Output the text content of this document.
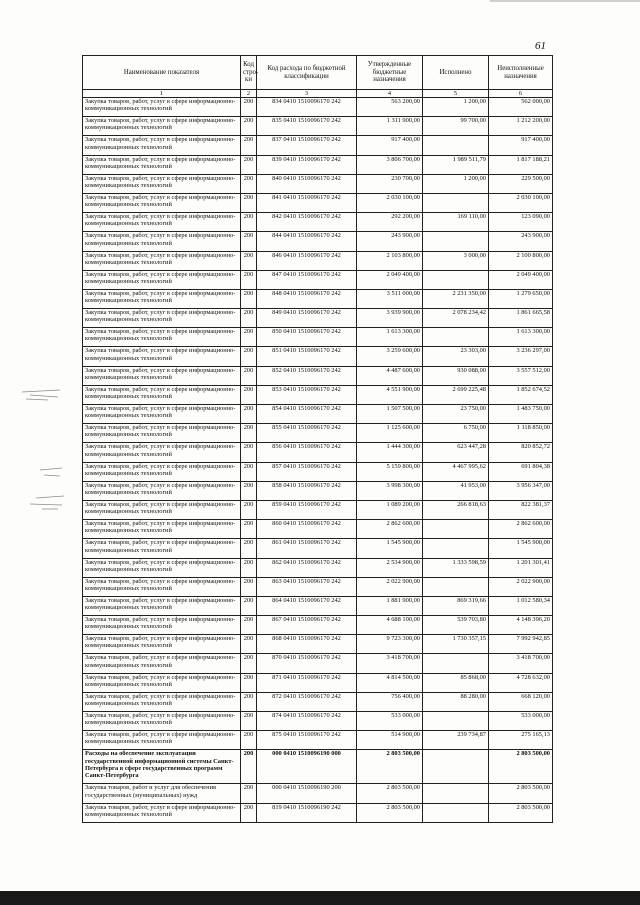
61
Наименование показателя	Код стро- ки	Код расхода по бюджетной классификации	Утвержденные бюджетные назначения	Исполнено	Неисполненные назначения
1	2	3	4	5	6
Закупка товаров, работ, услуг в сфере информационно-коммуникационных технологий	200	834 0410 1510096170 242	563 200,00	1 200,00	562 000,00
Закупка товаров, работ, услуг в сфере информационно-коммуникационных технологий	200	835 0410 1510096170 242	1 311 900,00	99 700,00	1 212 200,00
Закупка товаров, работ, услуг в сфере информационно-коммуникационных технологий	200	837 0410 1510096170 242	917 400,00		917 400,00
Закупка товаров, работ, услуг в сфере информационно-коммуникационных технологий	200	839 0410 1510096170 242	3 806 700,00	1 989 511,79	1 817 188,21
Закупка товаров, работ, услуг в сфере информационно-коммуникационных технологий	200	840 0410 1510096170 242	230 700,00	1 200,00	229 500,00
Закупка товаров, работ, услуг в сфере информационно-коммуникационных технологий	200	841 0410 1510096170 242	2 030 100,00		2 030 100,00
Закупка товаров, работ, услуг в сфере информационно-коммуникационных технологий	200	842 0410 1510096170 242	292 200,00	169 110,00	123 090,00
Закупка товаров, работ, услуг в сфере информационно-коммуникационных технологий	200	844 0410 1510096170 242	243 900,00		243 900,00
Закупка товаров, работ, услуг в сфере информационно-коммуникационных технологий	200	846 0410 1510096170 242	2 103 800,00	3 000,00	2 100 800,00
Закупка товаров, работ, услуг в сфере информационно-коммуникационных технологий	200	847 0410 1510096170 242	2 049 400,00		2 049 400,00
Закупка товаров, работ, услуг в сфере информационно-коммуникационных технологий	200	848 0410 1510096170 242	3 511 000,00	2 231 350,00	1 279 650,00
Закупка товаров, работ, услуг в сфере информационно-коммуникационных технологий	200	849 0410 1510096170 242	3 939 900,00	2 078 234,42	1 861 665,58
Закупка товаров, работ, услуг в сфере информационно-коммуникационных технологий	200	850 0410 1510096170 242	1 613 300,00		1 613 300,00
Закупка товаров, работ, услуг в сфере информационно-коммуникационных технологий	200	851 0410 1510096170 242	3 259 600,00	23 303,00	3 236 297,00
Закупка товаров, работ, услуг в сфере информационно-коммуникационных технологий	200	852 0410 1510096170 242	4 487 600,00	930 088,00	3 557 512,00
Закупка товаров, работ, услуг в сфере информационно-коммуникационных технологий	200	853 0410 1510096170 242	4 551 900,00	2 699 225,48	1 852 674,52
Закупка товаров, работ, услуг в сфере информационно-коммуникационных технологий	200	854 0410 1510096170 242	1 507 500,00	23 750,00	1 483 750,00
Закупка товаров, работ, услуг в сфере информационно-коммуникационных технологий	200	855 0410 1510096170 242	1 125 600,00	6 750,00	1 118 850,00
Закупка товаров, работ, услуг в сфере информационно-коммуникационных технологий	200	856 0410 1510096170 242	1 444 300,00	623 447,28	820 852,72
Закупка товаров, работ, услуг в сфере информационно-коммуникационных технологий	200	857 0410 1510096170 242	5 159 800,00	4 467 995,62	691 804,38
Закупка товаров, работ, услуг в сфере информационно-коммуникационных технологий	200	858 0410 1510096170 242	3 998 300,00	41 953,00	3 956 347,00
Закупка товаров, работ, услуг в сфере информационно-коммуникационных технологий	200	859 0410 1510096170 242	1 089 200,00	266 818,63	822 381,37
Закупка товаров, работ, услуг в сфере информационно-коммуникационных технологий	200	860 0410 1510096170 242	2 862 600,00		2 862 600,00
Закупка товаров, работ, услуг в сфере информационно-коммуникационных технологий	200	861 0410 1510096170 242	1 545 900,00		1 545 900,00
Закупка товаров, работ, услуг в сфере информационно-коммуникационных технологий	200	862 0410 1510096170 242	2 534 900,00	1 333 598,59	1 201 301,41
Закупка товаров, работ, услуг в сфере информационно-коммуникационных технологий	200	863 0410 1510096170 242	2 022 900,00		2 022 900,00
Закупка товаров, работ, услуг в сфере информационно-коммуникационных технологий	200	864 0410 1510096170 242	1 881 900,00	869 319,66	1 012 580,34
Закупка товаров, работ, услуг в сфере информационно-коммуникационных технологий	200	867 0410 1510096170 242	4 688 100,00	539 703,80	4 148 396,20
Закупка товаров, работ, услуг в сфере информационно-коммуникационных технологий	200	868 0410 1510096170 242	9 723 300,00	1 730 357,15	7 992 942,85
Закупка товаров, работ, услуг в сфере информационно-коммуникационных технологий	200	870 0410 1510096170 242	3 418 700,00		3 418 700,00
Закупка товаров, работ, услуг в сфере информационно-коммуникационных технологий	200	871 0410 1510096170 242	4 814 500,00	85 868,00	4 728 632,00
Закупка товаров, работ, услуг в сфере информационно-коммуникационных технологий	200	872 0410 1510096170 242	756 400,00	88 280,00	668 120,00
Закупка товаров, работ, услуг в сфере информационно-коммуникационных технологий	200	874 0410 1510096170 242	533 000,00		533 000,00
Закупка товаров, работ, услуг в сфере информационно-коммуникационных технологий	200	875 0410 1510096170 242	514 900,00	239 734,87	275 165,13
Расходы на обеспечение эксплуатации государственной информационной системы Санкт-Петербурга в сфере государственных программ Санкт-Петербурга	200	000 0410 1510096190 000	2 803 500,00		2 803 500,00
Закупка товаров, работ и услуг для обеспечения государственных (муниципальных) нужд	200	000 0410 1510096190 200	2 803 500,00		2 803 500,00
Закупка товаров, работ, услуг в сфере информационно-коммуникационных технологий	200	819 0410 1510096190 242	2 803 500,00		2 803 500,00
